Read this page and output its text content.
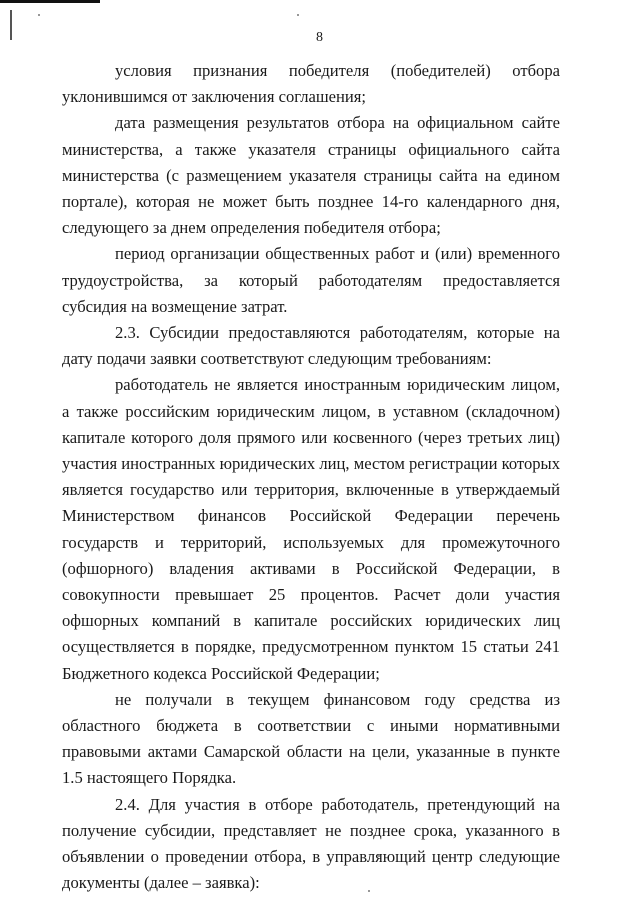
8

условия признания победителя (победителей) отбора уклонившимся от заключения соглашения;

дата размещения результатов отбора на официальном сайте министерства, а также указателя страницы официального сайта министерства (с размещением указателя страницы сайта на едином портале), которая не может быть позднее 14-го календарного дня, следующего за днем определения победителя отбора;

период организации общественных работ и (или) временного трудоустройства, за который работодателям предоставляется субсидия на возмещение затрат.

2.3. Субсидии предоставляются работодателям, которые на дату подачи заявки соответствуют следующим требованиям:

работодатель не является иностранным юридическим лицом, а также российским юридическим лицом, в уставном (складочном) капитале которого доля прямого или косвенного (через третьих лиц) участия иностранных юридических лиц, местом регистрации которых является государство или территория, включенные в утверждаемый Министерством финансов Российской Федерации перечень государств и территорий, используемых для промежуточного (офшорного) владения активами в Российской Федерации, в совокупности превышает 25 процентов. Расчет доли участия офшорных компаний в капитале российских юридических лиц осуществляется в порядке, предусмотренном пунктом 15 статьи 241 Бюджетного кодекса Российской Федерации;

не получали в текущем финансовом году средства из областного бюджета в соответствии с иными нормативными правовыми актами Самарской области на цели, указанные в пункте 1.5 настоящего Порядка.

2.4. Для участия в отборе работодатель, претендующий на получение субсидии, представляет не позднее срока, указанного в объявлении о проведении отбора, в управляющий центр следующие документы (далее – заявка):
